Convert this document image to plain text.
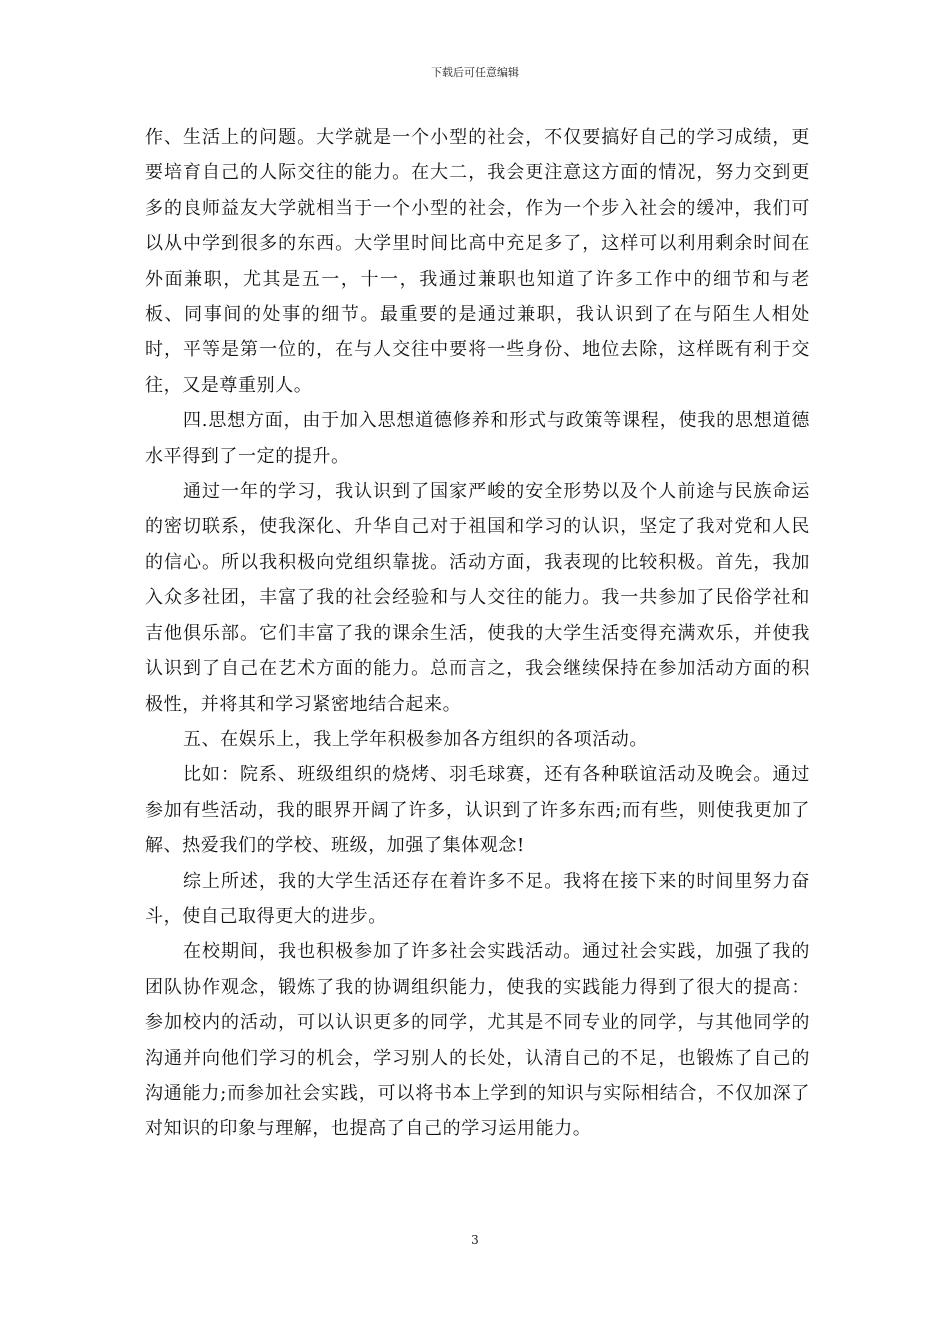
下载后可任意编辑

作、生活上的问题。大学就是一个小型的社会，不仅要搞好自己的学习成绩，更要培育自己的人际交往的能力。在大二，我会更注意这方面的情况，努力交到更多的良师益友大学就相当于一个小型的社会，作为一个步入社会的缓冲，我们可以从中学到很多的东西。大学里时间比高中充足多了，这样可以利用剩余时间在外面兼职，尤其是五一，十一，我通过兼职也知道了许多工作中的细节和与老板、同事间的处事的细节。最重要的是通过兼职，我认识到了在与陌生人相处时，平等是第一位的，在与人交往中要将一些身份、地位去除，这样既有利于交往，又是尊重别人。

四.思想方面，由于加入思想道德修养和形式与政策等课程，使我的思想道德水平得到了一定的提升。

通过一年的学习，我认识到了国家严峻的安全形势以及个人前途与民族命运的密切联系，使我深化、升华自己对于祖国和学习的认识，坚定了我对党和人民的信心。所以我积极向党组织靠拢。活动方面，我表现的比较积极。首先，我加入众多社团，丰富了我的社会经验和与人交往的能力。我一共参加了民俗学社和吉他俱乐部。它们丰富了我的课余生活，使我的大学生活变得充满欢乐，并使我认识到了自己在艺术方面的能力。总而言之，我会继续保持在参加活动方面的积极性，并将其和学习紧密地结合起来。

五、在娱乐上，我上学年积极参加各方组织的各项活动。

比如：院系、班级组织的烧烤、羽毛球赛，还有各种联谊活动及晚会。通过参加有些活动，我的眼界开阔了许多，认识到了许多东西;而有些，则使我更加了解、热爱我们的学校、班级，加强了集体观念!

综上所述，我的大学生活还存在着许多不足。我将在接下来的时间里努力奋斗，使自己取得更大的进步。

在校期间，我也积极参加了许多社会实践活动。通过社会实践，加强了我的团队协作观念，锻炼了我的协调组织能力，使我的实践能力得到了很大的提高：参加校内的活动，可以认识更多的同学，尤其是不同专业的同学，与其他同学的沟通并向他们学习的机会，学习别人的长处，认清自己的不足，也锻炼了自己的沟通能力;而参加社会实践，可以将书本上学到的知识与实际相结合，不仅加深了对知识的印象与理解，也提高了自己的学习运用能力。

3
